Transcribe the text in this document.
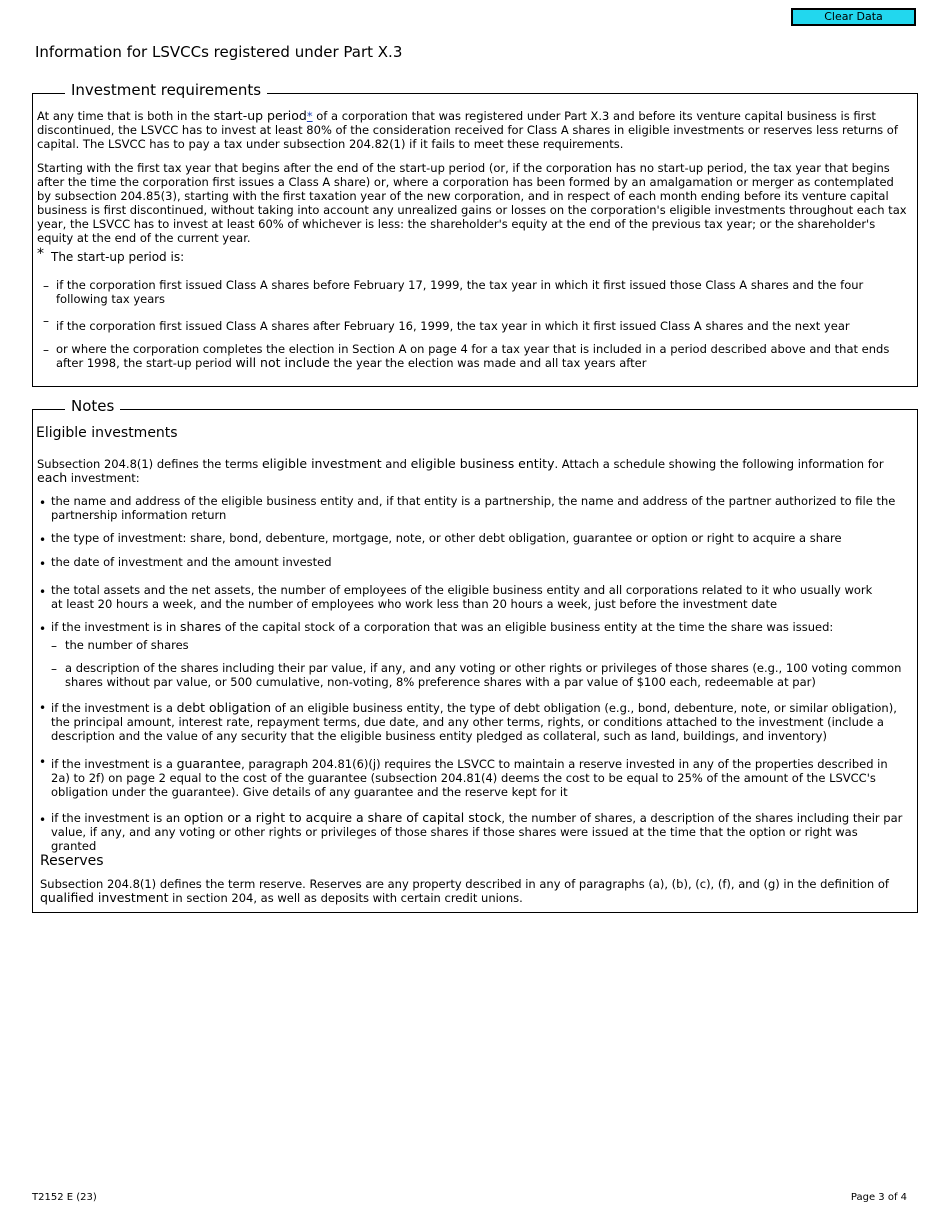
Clear Data
Information for LSVCCs registered under Part X.3
Investment requirements

At any time that is both in the start-up period* of a corporation that was registered under Part X.3 and before its venture capital business is first discontinued, the LSVCC has to invest at least 80% of the consideration received for Class A shares in eligible investments or reserves less returns of capital. The LSVCC has to pay a tax under subsection 204.82(1) if it fails to meet these requirements.

Starting with the first tax year that begins after the end of the start-up period (or, if the corporation has no start-up period, the tax year that begins after the time the corporation first issues a Class A share) or, where a corporation has been formed by an amalgamation or merger as contemplated by subsection 204.85(3), starting with the first taxation year of the new corporation, and in respect of each month ending before its venture capital business is first discontinued, without taking into account any unrealized gains or losses on the corporation's eligible investments throughout each tax year, the LSVCC has to invest at least 60% of whichever is less: the shareholder's equity at the end of the previous tax year; or the shareholder's equity at the end of the current year.

* The start-up period is:
– if the corporation first issued Class A shares before February 17, 1999, the tax year in which it first issued those Class A shares and the four following tax years

– if the corporation first issued Class A shares after February 16, 1999, the tax year in which it first issued Class A shares and the next year

– or where the corporation completes the election in Section A on page 4 for a tax year that is included in a period described above and that ends after 1998, the start-up period will not include the year the election was made and all tax years after

Notes
Eligible investments

Subsection 204.8(1) defines the terms eligible investment and eligible business entity. Attach a schedule showing the following information for each investment:

• the name and address of the eligible business entity and, if that entity is a partnership, the name and address of the partner authorized to file the partnership information return

• the type of investment: share, bond, debenture, mortgage, note, or other debt obligation, guarantee or option or right to acquire a share

• the date of investment and the amount invested

• the total assets and the net assets, the number of employees of the eligible business entity and all corporations related to it who usually work at least 20 hours a week, and the number of employees who work less than 20 hours a week, just before the investment date

• if the investment is in shares of the capital stock of a corporation that was an eligible business entity at the time the share was issued:

– the number of shares

– a description of the shares including their par value, if any, and any voting or other rights or privileges of those shares (e.g., 100 voting common shares without par value, or 500 cumulative, non-voting, 8% preference shares with a par value of $100 each, redeemable at par)

• if the investment is a debt obligation of an eligible business entity, the type of debt obligation (e.g., bond, debenture, note, or similar obligation), the principal amount, interest rate, repayment terms, due date, and any other terms, rights, or conditions attached to the investment (include a description and the value of any security that the eligible business entity pledged as collateral, such as land, buildings, and inventory)

• if the investment is a guarantee, paragraph 204.81(6)(j) requires the LSVCC to maintain a reserve invested in any of the properties described in 2a) to 2f) on page 2 equal to the cost of the guarantee (subsection 204.81(4) deems the cost to be equal to 25% of the amount of the LSVCC's obligation under the guarantee). Give details of any guarantee and the reserve kept for it

• if the investment is an option or a right to acquire a share of capital stock, the number of shares, a description of the shares including their par value, if any, and any voting or other rights or privileges of those shares if those shares were issued at the time that the option or right was granted

Reserves

Subsection 204.8(1) defines the term reserve. Reserves are any property described in any of paragraphs (a), (b), (c), (f), and (g) in the definition of qualified investment in section 204, as well as deposits with certain credit unions.

T2152 E (23)	Page 3 of 4
